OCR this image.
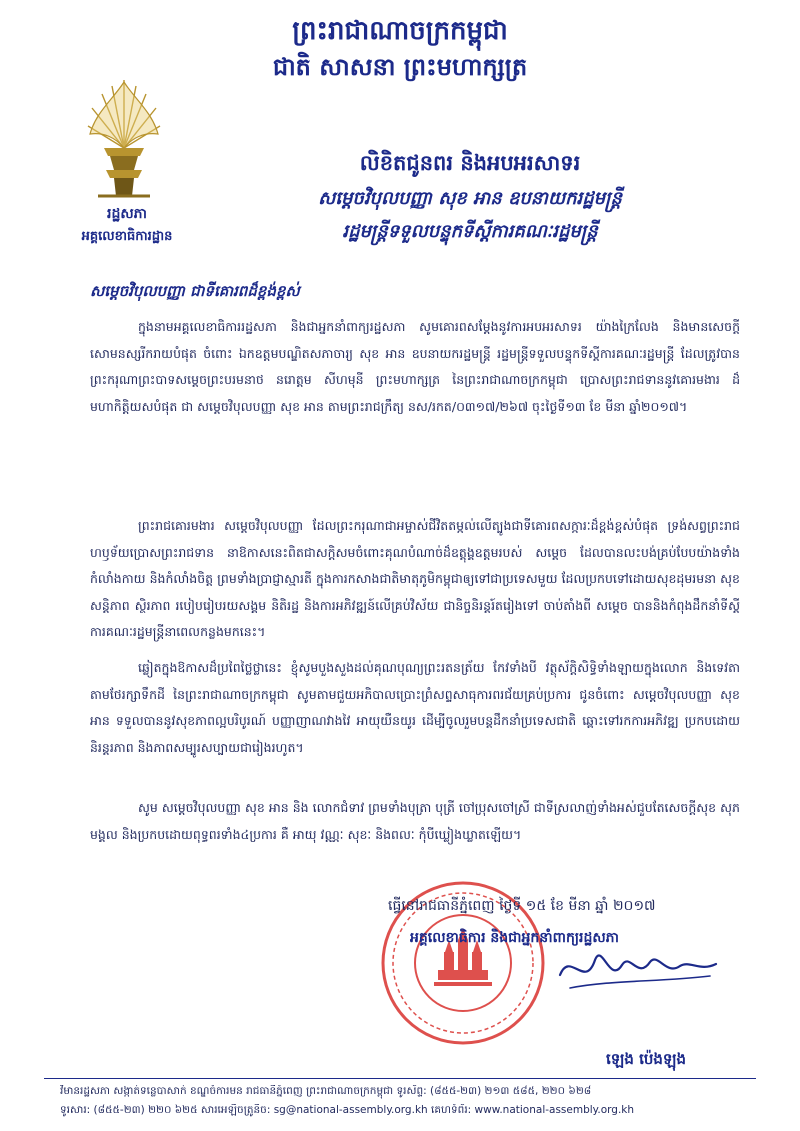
ព្រះរាជាណាចក្រកម្ពុជា
ជាតិ សាសនា ព្រះមហាក្សត្រ
រដ្ឋសភា
អគ្គលេខាធិការដ្ឋាន
លិខិតជូនពរ និងអបអរសាទរ
សម្តេចវិបុលបញ្ញា សុខ អាន ឧបនាយករដ្ឋមន្រ្តី
រដ្ឋមន្រ្តីទទួលបន្ទុកទីស្តីការគណៈរដ្ឋមន្រ្តី
សម្តេចវិបុលបញ្ញា ជាទីគោរពដ៏ខ្ពង់ខ្ពស់

ក្នុងនាមអគ្គលេខាធិការរដ្ឋសភា និងជាអ្នកនាំពាក្យរដ្ឋសភា សូមគោរពសម្តែងនូវការអបអរសាទរ យ៉ាងក្រៃលែង និងមានសេចក្តីសោមនស្សរីករាយបំផុត ចំពោះ ឯកឧត្តមបណ្ឌិតសភាចារ្យ សុខ អាន ឧបនាយករដ្ឋមន្រ្តី រដ្ឋមន្រ្តីទទួលបន្ទុកទីស្តីការគណៈរដ្ឋមន្រ្តី ដែលត្រូវបាន ព្រះករុណាព្រះបាទសម្តេចព្រះបរមនាថ នរោត្តម សីហមុនី ព្រះមហាក្សត្រ នៃព្រះរាជាណាចក្រកម្ពុជា ប្រោសព្រះរាជទាននូវគោរមងារ ដ៏មហាកិត្តិយសបំផុត ជា សម្តេចវិបុលបញ្ញា សុខ អាន តាមព្រះរាជក្រឹត្យ នស/រកត/០៣១៧/២៦៧ ចុះថ្ងៃទី១៣ ខែ មីនា ឆ្នាំ២០១៧។

ព្រះរាជគោរមងារ សម្តេចវិបុលបញ្ញា ដែលព្រះករុណាជាអម្ចាស់ជីវិតតម្កល់លើត្បូងជាទីគោរពសក្ការៈដ៏ខ្ពង់ខ្ពស់បំផុត ទ្រង់សព្វព្រះរាជហឫទ័យប្រោសព្រះរាជទាន នាឱកាសនេះពិតជាសក្តិសមចំពោះគុណបំណាច់ដ៏ឧត្តុង្គឧត្តមរបស់ សម្តេច ដែលបានលះបង់គ្រប់បែបយ៉ាងទាំងកំលាំងកាយ និងកំលាំងចិត្ត ព្រមទាំងប្រាជ្ញាស្មារតី ក្នុងការកសាងជាតិមាតុភូមិកម្ពុជាឲ្យទៅជាប្រទេសមួយ ដែលប្រកបទៅដោយសុខដុមរមនា សុខសន្តិភាព ស្ថិរភាព របៀបរៀបរយសង្គម និតិរដ្ឋ និងការអភិវឌ្ឍន៍លើគ្រប់វិស័យ ជានិច្ចនិរន្តរ៍តរៀងទៅ ចាប់តាំងពី សម្តេច បាននិងកំពុងដឹកនាំទីស្តីការគណៈរដ្ឋមន្រ្តីនាពេលកន្លងមកនេះ។

ឆ្លៀតក្នុងឱកាសដ៏ប្រពៃថ្លៃថ្លានេះ ខ្ញុំសូមបួងសួងដល់គុណបុណ្យព្រះរតនត្រ័យ កែវទាំងបី វត្ថុស័ក្តិសិទ្ធិទាំងឡាយក្នុងលោក និងទេវតាតាមថែរក្សាទឹកដី នៃព្រះរាជាណាចក្រកម្ពុជា សូមតាមជួយអភិបាលប្រោះព្រំសព្ទសាធុការពរជ័យគ្រប់ប្រការ ជូនចំពោះ សម្តេចវិបុលបញ្ញា សុខ អាន ទទួលបាននូវសុខភាពល្អបរិបូរណ៍ បញ្ញាញាណវាងវៃ អាយុយឺនយូរ ដើម្បីចូលរួមបន្តដឹកនាំប្រទេសជាតិ ឆ្ពោះទៅរកការអភិវឌ្ឍ ប្រកបដោយនិរន្តរភាព និងភាពសម្បូរសប្បាយជារៀងរហូត។

សូម សម្តេចវិបុលបញ្ញា សុខ អាន និង លោកជំទាវ ព្រមទាំងបុត្រា បុត្រី ចៅប្រុសចៅស្រី ជាទីស្រលាញ់ទាំងអស់ជួបតែសេចក្តីសុខ សុភមង្គល និងប្រកបដោយពុទ្ធពរទាំង៤ប្រការ គឺ អាយុ វណ្ណៈ សុខៈ និងពលៈ កុំបីឃ្លៀងឃ្លាតឡើយ។

ធ្វើនៅរាជធានីភ្នំពេញ ថ្ងៃទី ១៥ ខែ មីនា ឆ្នាំ ២០១៧
អគ្គលេខាធិការ និងជាអ្នកនាំពាក្យរដ្ឋសភា
ឡេង ប៉េងឡុង
វិមានរដ្ឋសភា សង្កាត់ទន្លេបាសាក់ ខណ្ឌចំការមន រាជធានីភ្នំពេញ ព្រះរាជាណាចក្រកម្ពុជា ទូរស័ព្ទ: (៨៥៥-២៣) ២១៣ ៥៨៥, ២២០ ៦២៨
ទូរសារ: (៨៥៥-២៣) ២២០ ៦២៥ សារអេឡិចត្រូនិច: sg@national-assembly.org.kh គេហទំព័រ: www.national-assembly.org.kh
